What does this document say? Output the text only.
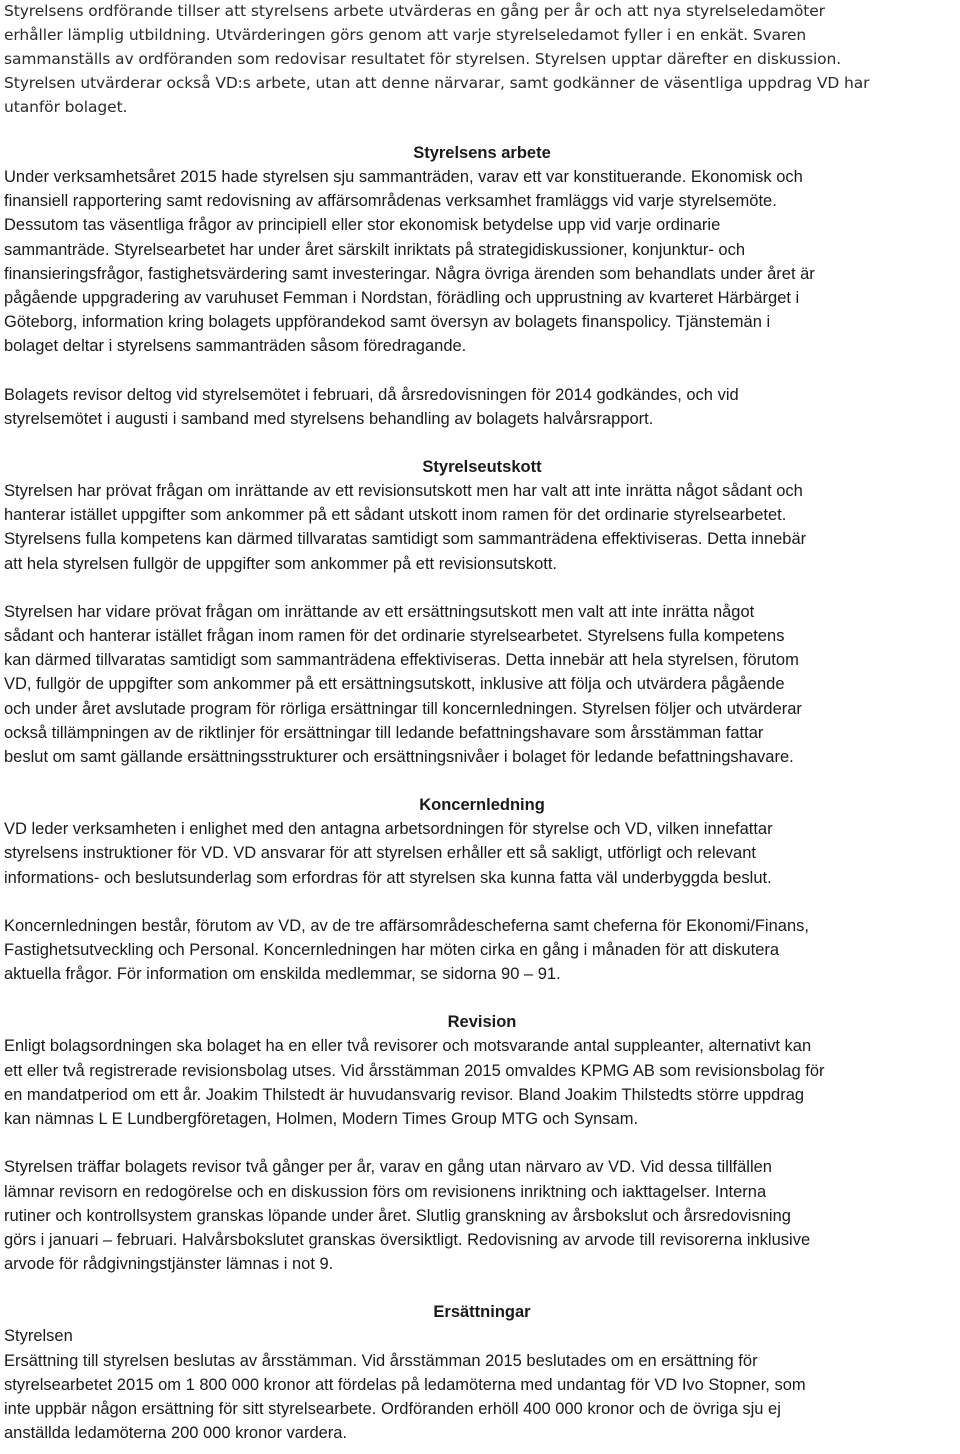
Styrelsens ordförande tillser att styrelsens arbete utvärderas en gång per år och att nya styrelseledamöter
erhåller lämplig utbildning. Utvärderingen görs genom att varje styrelseledamot fyller i en enkät. Svaren
sammanställs av ordföranden som redovisar resultatet för styrelsen. Styrelsen upptar därefter en diskussion.
Styrelsen utvärderar också VD:s arbete, utan att denne närvarar, samt godkänner de väsentliga uppdrag VD har
utanför bolaget.

Styrelsens arbete

Under verksamhetsåret 2015 hade styrelsen sju sammanträden, varav ett var konstituerande. Ekonomisk och
finansiell rapportering samt redovisning av affärsområdenas verksamhet framläggs vid varje styrelsemöte.
Dessutom tas väsentliga frågor av principiell eller stor ekonomisk betydelse upp vid varje ordinarie
sammanträde. Styrelsearbetet har under året särskilt inriktats på strategidiskussioner, konjunktur- och
finansieringsfrågor, fastighetsvärdering samt investeringar. Några övriga ärenden som behandlats under året är
pågående uppgradering av varuhuset Femman i Nordstan, förädling och upprustning av kvarteret Härbärget i
Göteborg, information kring bolagets uppförandekod samt översyn av bolagets finanspolicy. Tjänstemän i
bolaget deltar i styrelsens sammanträden såsom föredragande.

Bolagets revisor deltog vid styrelsemötet i februari, då årsredovisningen för 2014 godkändes, och vid
styrelsemötet i augusti i samband med styrelsens behandling av bolagets halvårsrapport.

Styrelseutskott

Styrelsen har prövat frågan om inrättande av ett revisionsutskott men har valt att inte inrätta något sådant och
hanterar istället uppgifter som ankommer på ett sådant utskott inom ramen för det ordinarie styrelsearbetet.
Styrelsens fulla kompetens kan därmed tillvaratas samtidigt som sammanträdena effektiviseras. Detta innebär
att hela styrelsen fullgör de uppgifter som ankommer på ett revisionsutskott.

Styrelsen har vidare prövat frågan om inrättande av ett ersättningsutskott men valt att inte inrätta något
sådant och hanterar istället frågan inom ramen för det ordinarie styrelsearbetet. Styrelsens fulla kompetens
kan därmed tillvaratas samtidigt som sammanträdena effektiviseras. Detta innebär att hela styrelsen, förutom
VD, fullgör de uppgifter som ankommer på ett ersättningsutskott, inklusive att följa och utvärdera pågående
och under året avslutade program för rörliga ersättningar till koncernledningen. Styrelsen följer och utvärderar
också tillämpningen av de riktlinjer för ersättningar till ledande befattningshavare som årsstämman fattar
beslut om samt gällande ersättningsstrukturer och ersättningsnivåer i bolaget för ledande befattningshavare.

Koncernledning

VD leder verksamheten i enlighet med den antagna arbetsordningen för styrelse och VD, vilken innefattar
styrelsens instruktioner för VD. VD ansvarar för att styrelsen erhåller ett så sakligt, utförligt och relevant
informations- och beslutsunderlag som erfordras för att styrelsen ska kunna fatta väl underbyggda beslut.

Koncernledningen består, förutom av VD, av de tre affärsområdescheferna samt cheferna för Ekonomi/Finans,
Fastighetsutveckling och Personal. Koncernledningen har möten cirka en gång i månaden för att diskutera
aktuella frågor. För information om enskilda medlemmar, se sidorna 90 – 91.

Revision

Enligt bolagsordningen ska bolaget ha en eller två revisorer och motsvarande antal suppleanter, alternativt kan
ett eller två registrerade revisionsbolag utses. Vid årsstämman 2015 omvaldes KPMG AB som revisionsbolag för
en mandatperiod om ett år. Joakim Thilstedt är huvudansvarig revisor. Bland Joakim Thilstedts större uppdrag
kan nämnas L E Lundbergföretagen, Holmen, Modern Times Group MTG och Synsam.

Styrelsen träffar bolagets revisor två gånger per år, varav en gång utan närvaro av VD. Vid dessa tillfällen
lämnar revisorn en redogörelse och en diskussion förs om revisionens inriktning och iakttagelser. Interna
rutiner och kontrollsystem granskas löpande under året. Slutlig granskning av årsbokslut och årsredovisning
görs i januari – februari. Halvårsbokslutet granskas översiktligt. Redovisning av arvode till revisorerna inklusive
arvode för rådgivningstjänster lämnas i not 9.

Ersättningar

Styrelsen

Ersättning till styrelsen beslutas av årsstämman. Vid årsstämman 2015 beslutades om en ersättning för
styrelsearbetet 2015 om 1 800 000 kronor att fördelas på ledamöterna med undantag för VD Ivo Stopner, som
inte uppbär någon ersättning för sitt styrelsearbete. Ordföranden erhöll 400 000 kronor och de övriga sju ej
anställda ledamöterna 200 000 kronor vardera.
